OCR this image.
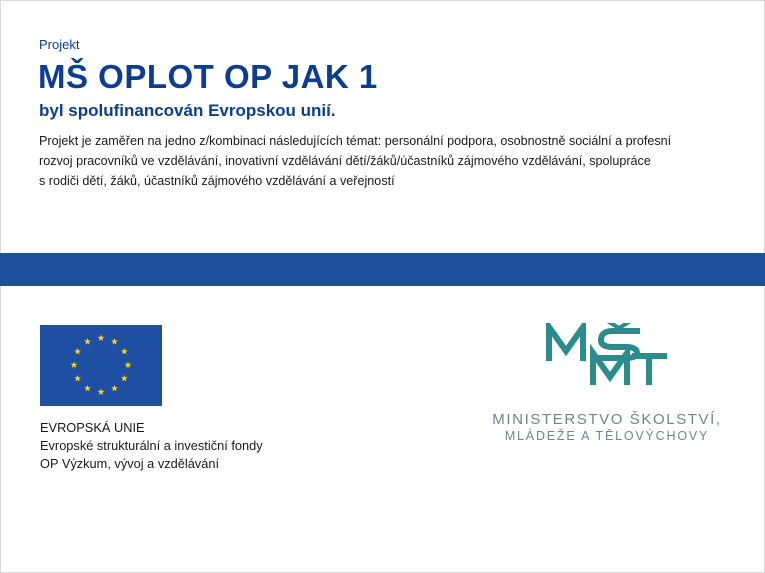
Projekt
MŠ OPLOT OP JAK 1
byl spolufinancován Evropskou unií.
Projekt je zaměřen na jedno z/kombinaci následujících témat: personální podpora, osobnostně sociální a profesní
rozvoj pracovníků ve vzdělávání, inovativní vzdělávání dětí/žáků/účastníků zájmového vzdělávání, spolupráce
s rodiči dětí, žáků, účastníků zájmového vzdělávání a veřejností
EVROPSKÁ UNIE
Evropské strukturální a investiční fondy
OP Výzkum, vývoj a vzdělávání
MINISTERSTVO ŠKOLSTVÍ,
MLÁDEŽE A TĚLOVÝCHOVY
